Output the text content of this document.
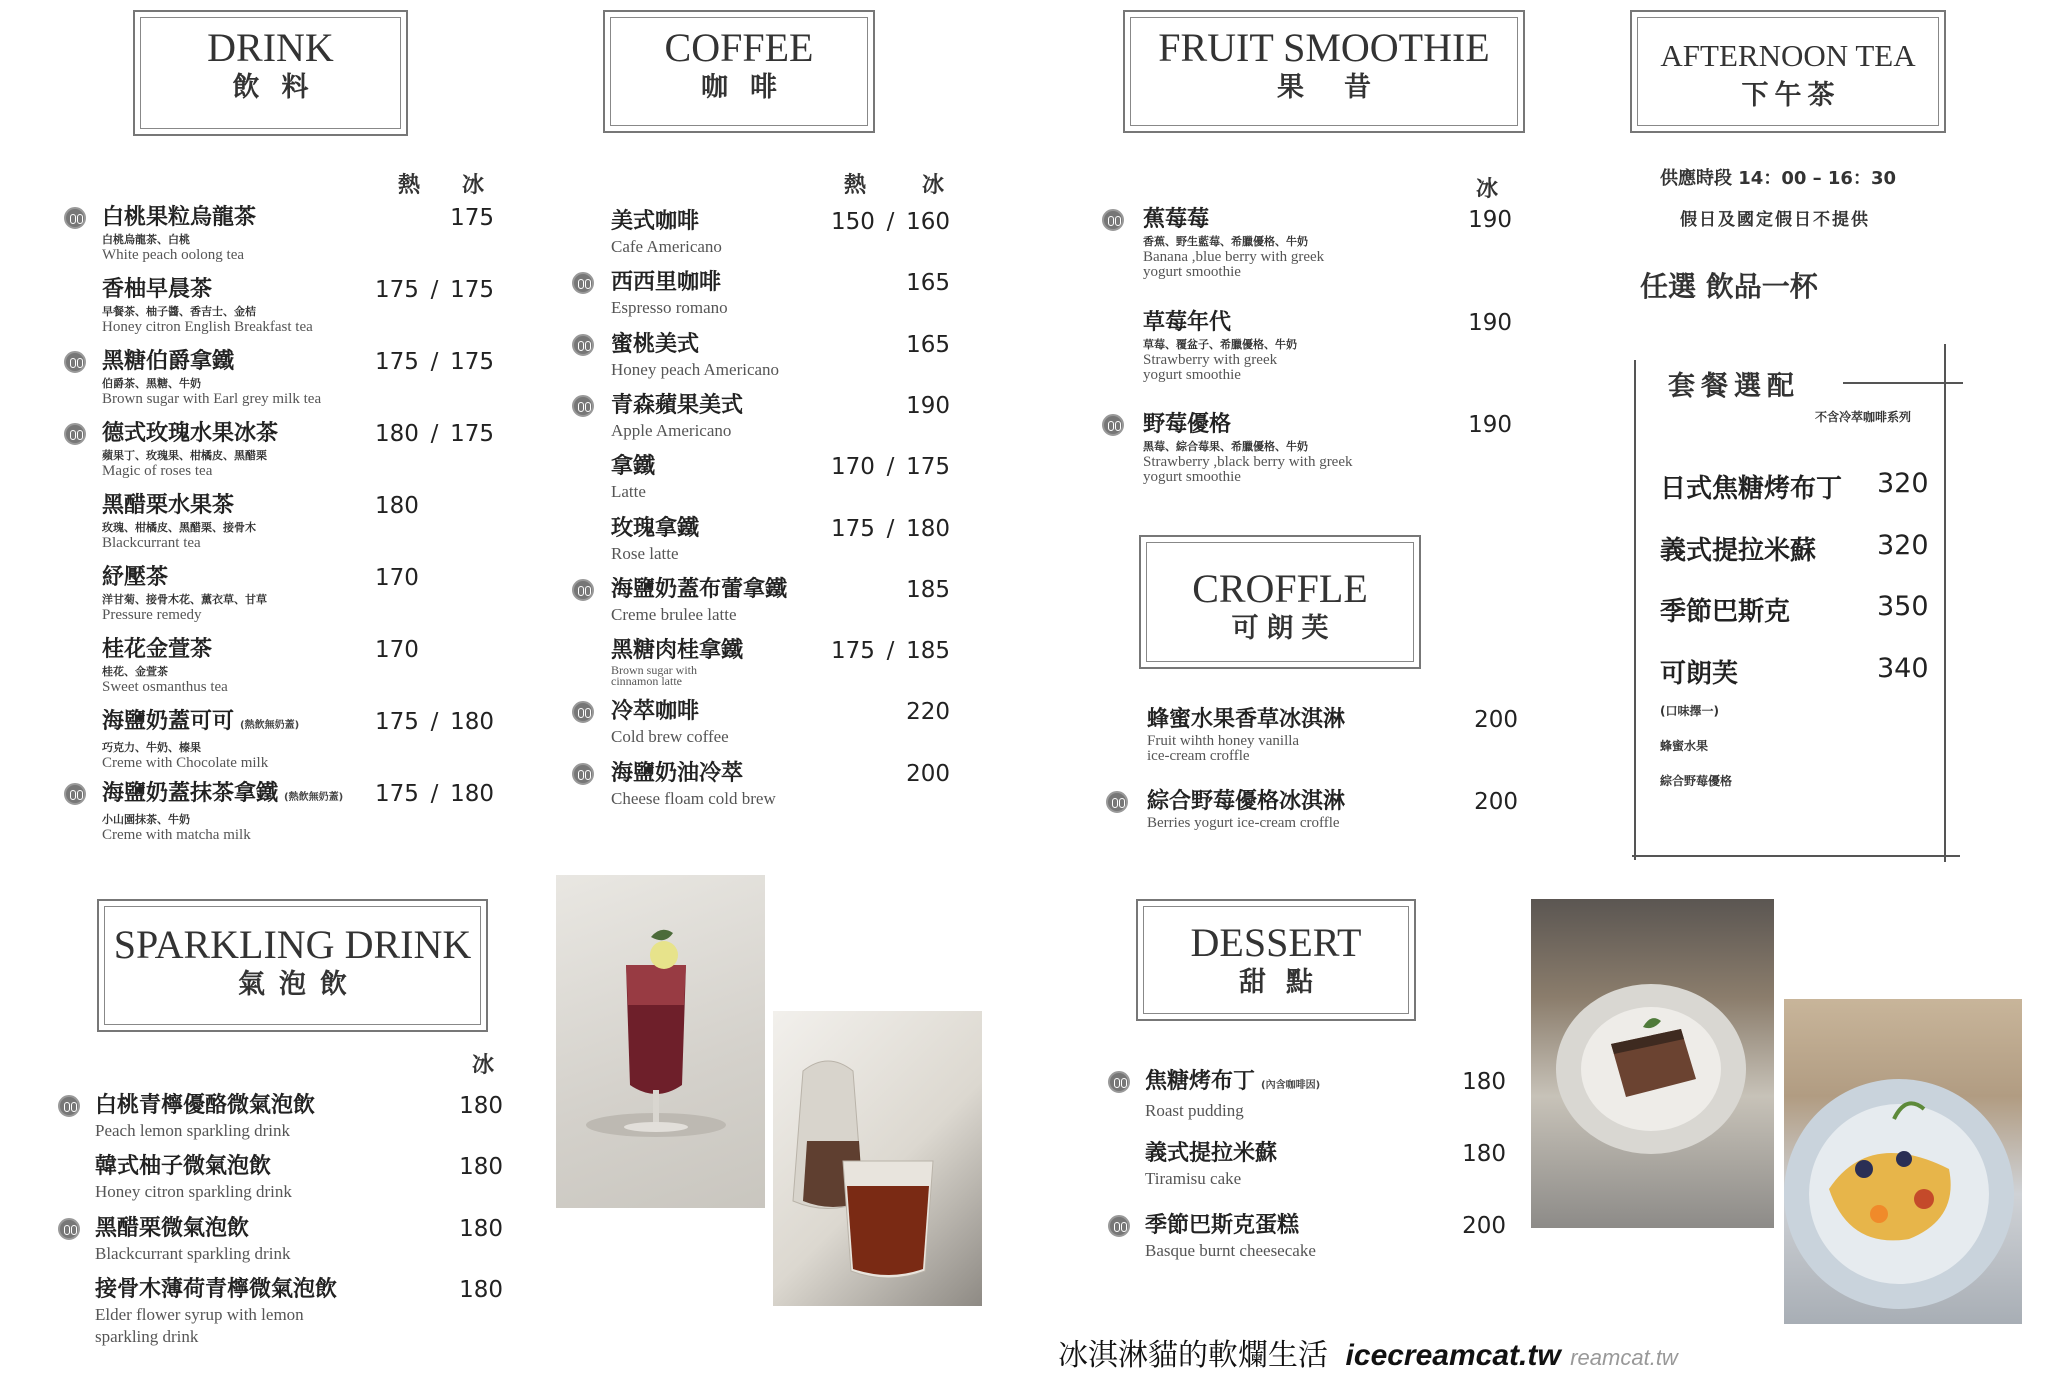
DRINK
飲料
COFFEE
咖啡
FRUIT SMOOTHIE
果昔
AFTERNOON TEA
下午茶
CROFFLE
可朗芙
SPARKLING DRINK
氣泡飲
DESSERT
甜點
熱 冰	熱	冰	冰
冰
白桃果粒烏龍茶
白桃烏龍茶、白桃
White peach oolong tea
175
香柚早晨茶
早餐茶、柚子醬、香吉士、金桔
Honey citron English Breakfast tea
175 / 175
黑糖伯爵拿鐵
伯爵茶、黑糖、牛奶
Brown sugar with Earl grey milk tea
175 / 175
德式玫瑰水果冰茶
蘋果丁、玫瑰果、柑橘皮、黑醋栗
Magic of roses tea
180 / 175
黑醋栗水果茶
玫瑰、柑橘皮、黑醋栗、接骨木
Blackcurrant tea
180
紓壓茶
洋甘菊、接骨木花、薰衣草、甘草
Pressure remedy
170
桂花金萱茶
桂花、金萱茶
Sweet osmanthus tea
170
海鹽奶蓋可可 (熱飲無奶蓋)
巧克力、牛奶、榛果
Creme with Chocolate milk
175 / 180
海鹽奶蓋抹茶拿鐵 (熱飲無奶蓋)
小山園抹茶、牛奶
Creme with matcha milk
175 / 180
美式咖啡
Cafe Americano
150 / 160
西西里咖啡
Espresso romano
165
蜜桃美式
Honey peach Americano
165
青森蘋果美式
Apple Americano
190
拿鐵
Latte
170 / 175
玫瑰拿鐵
Rose latte
175 / 180
海鹽奶蓋布蕾拿鐵
Creme brulee latte
185
黑糖肉桂拿鐵
Brown sugar with
cinnamon latte
175 / 185
冷萃咖啡
Cold brew coffee
220
海鹽奶油冷萃
Cheese floam cold brew
200
蕉莓莓
香蕉、野生藍莓、希臘優格、牛奶
Banana ,blue berry with greek
yogurt smoothie
190
草莓年代
草莓、覆盆子、希臘優格、牛奶
Strawberry with greek
yogurt smoothie
190
野莓優格
黑莓、綜合莓果、希臘優格、牛奶
Strawberry ,black berry with greek
yogurt smoothie
190
蜂蜜水果香草冰淇淋
Fruit wihth honey vanilla
ice-cream croffle
200
綜合野莓優格冰淇淋
Berries yogurt ice-cream croffle
200
白桃青檸優酪微氣泡飲
Peach lemon sparkling drink
180
韓式柚子微氣泡飲
Honey citron sparkling drink
180
黑醋栗微氣泡飲
Blackcurrant sparkling drink
180
接骨木薄荷青檸微氣泡飲
Elder flower syrup with lemon
sparkling drink
180
焦糖烤布丁 (內含咖啡因)
Roast pudding
180
義式提拉米蘇
Tiramisu cake
180
季節巴斯克蛋糕
Basque burnt cheesecake
200
供應時段 14：00 – 16：30
假日及國定假日不提供
任選 飲品一杯
套餐選配
不含冷萃咖啡系列
日式焦糖烤布丁 320
義式提拉米蘇 320
季節巴斯克	350
可朗芙	340
(口味擇一)
蜂蜜水果
綜合野莓優格
冰淇淋貓的軟爛生活 icecreamcat.tw reamcat.tw
